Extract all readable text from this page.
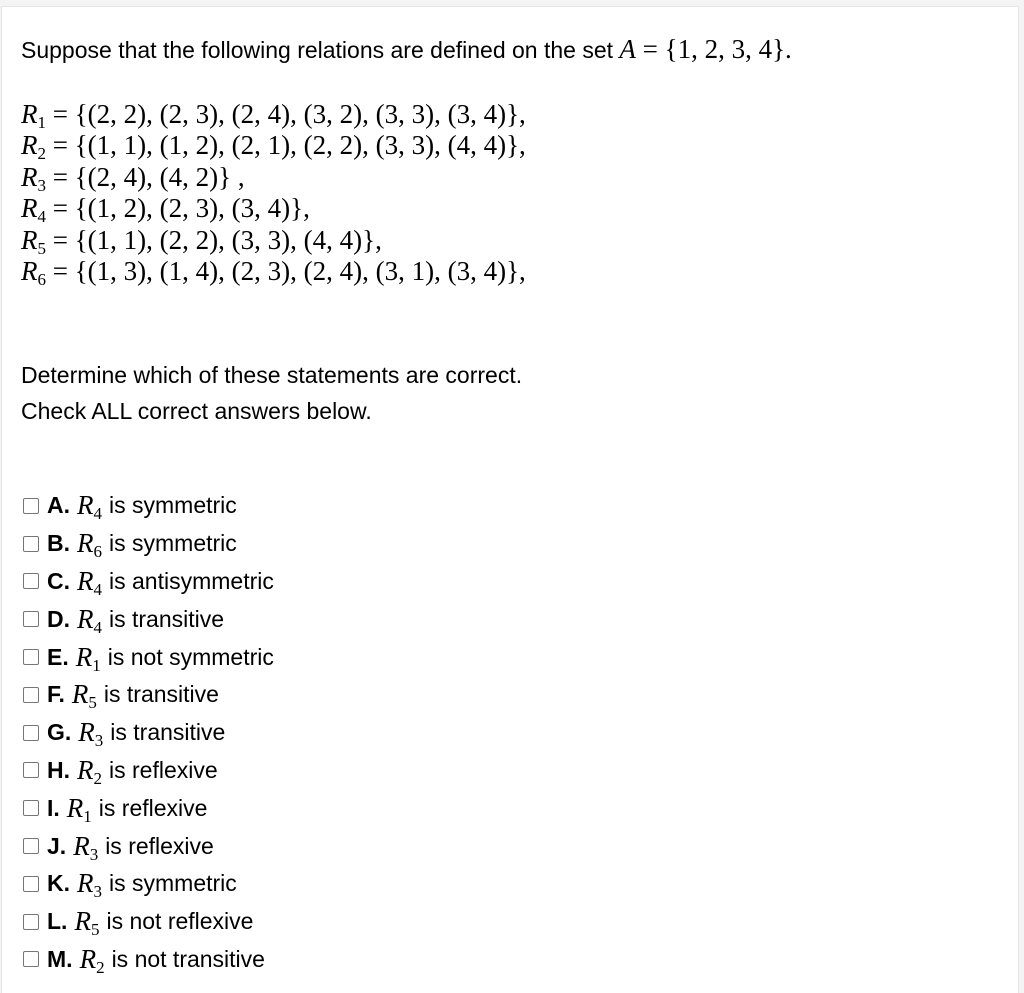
Suppose that the following relations are defined on the set A = {1, 2, 3, 4}.
$R_1 = \{(2$, 2), (2, 3), (2, 4), (3, 2), (3, 3), (3, 4)},
$R_2 = \{(1$, 1), (1, 2), (2, 1), (2, 2), (3, 3), (4, 4)},
$R_3 = \{(2$, 4), (4, 2)} ,
$R_4 = \{(1$, 2), (2, 3), (3, 4)},
$R_5 = \{(1$, 1), (2, 2), (3, 3), (4, 4)},
$R_6 = \{(1$, 3), (1, 4), (2, 3), (2, 4), (3, 1), (3, 4)},
Determine which of these statements are correct.
Check ALL correct answers below.
A. $R_4$ is symmetric
B. $R_6$ is symmetric
C. $R_4$ is antisymmetric
D. $R_4$ is transitive
E. $R_1$ is not symmetric
F. $R_5$ is transitive
G. $R_3$ is transitive
H. $R_2$ is reflexive
I. $R_1$ is reflexive
J. $R_3$ is reflexive
K. $R_3$ is symmetric
L. $R_5$ is not reflexive
M. $R_2$ is not transitive
